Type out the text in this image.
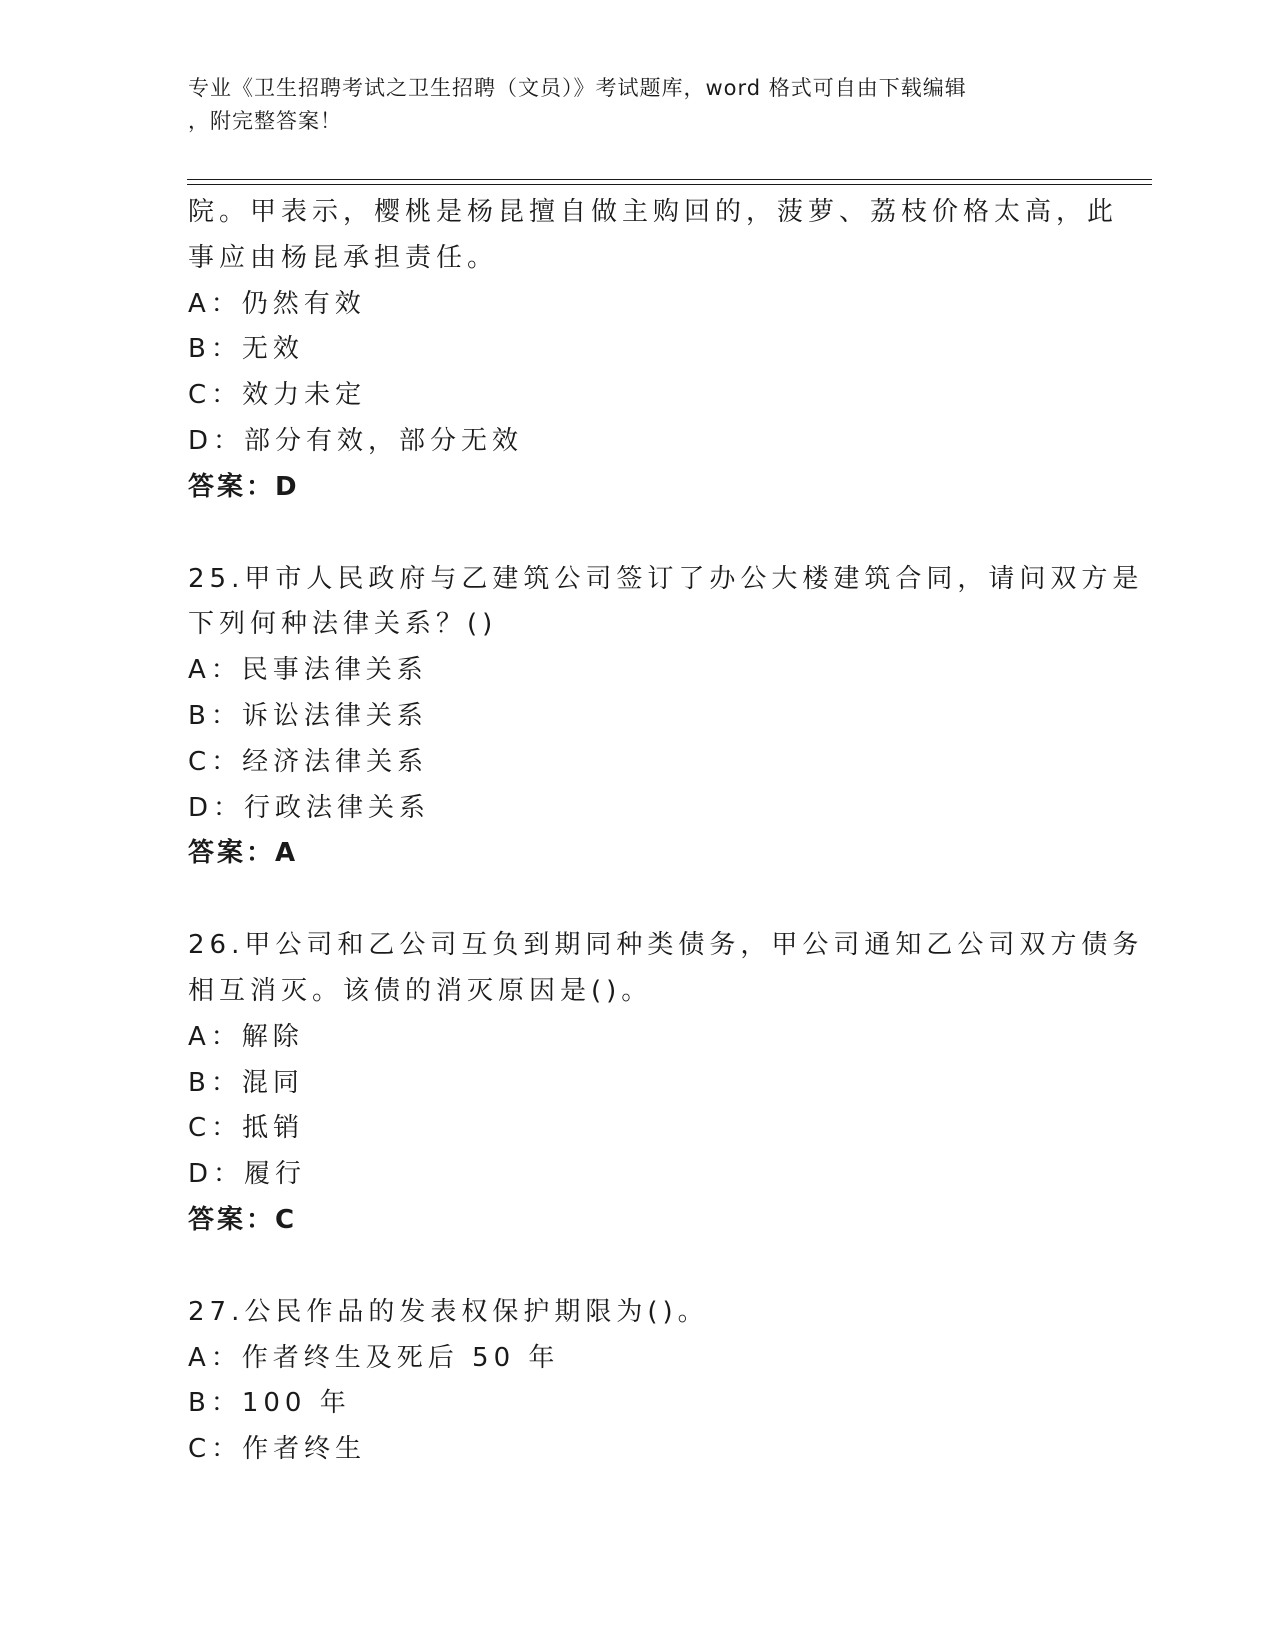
专业《卫生招聘考试之卫生招聘（文员）》考试题库，word 格式可自由下载编辑
，附完整答案！
院。甲表示，樱桃是杨昆擅自做主购回的，菠萝、荔枝价格太高，此
事应由杨昆承担责任。
A：仍然有效
B：无效
C：效力未定
D：部分有效，部分无效
答案：D
25.甲市人民政府与乙建筑公司签订了办公大楼建筑合同，请问双方是
下列何种法律关系？()
A：民事法律关系
B：诉讼法律关系
C：经济法律关系
D：行政法律关系
答案：A
26.甲公司和乙公司互负到期同种类债务，甲公司通知乙公司双方债务
相互消灭。该债的消灭原因是()。
A：解除
B：混同
C：抵销
D：履行
答案：C
27.公民作品的发表权保护期限为()。
A：作者终生及死后 50 年
B：100 年
C：作者终生
